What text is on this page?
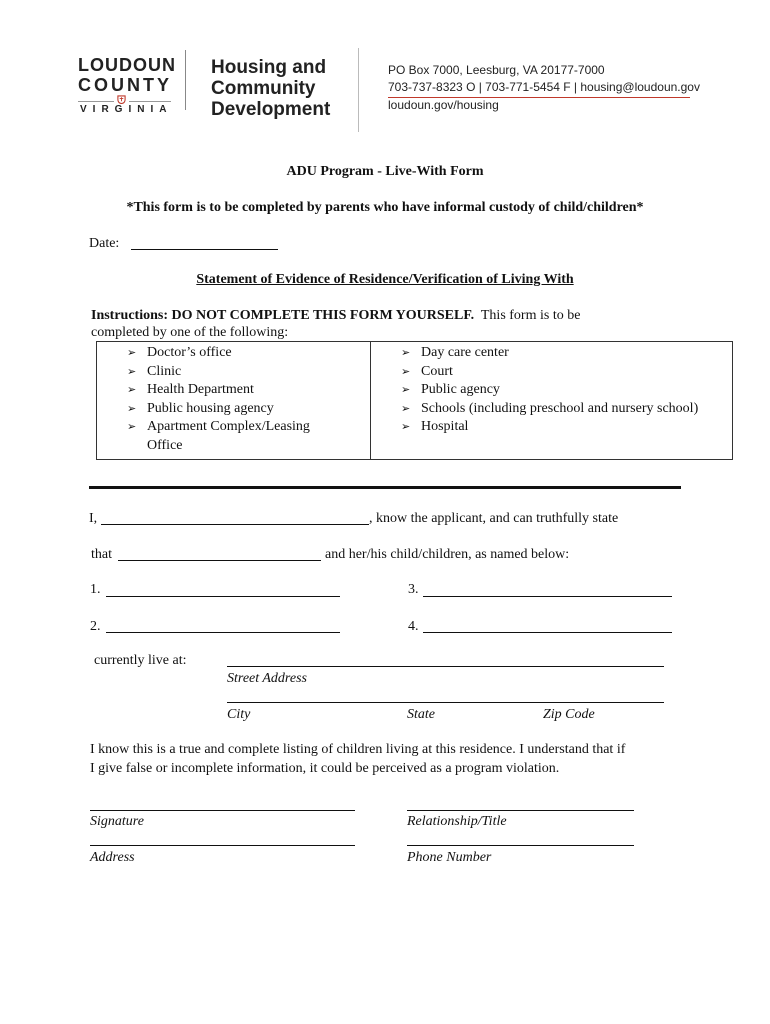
LOUDOUN
COUNTY
VIRGINIA
Housing and
Community
Development
PO Box 7000, Leesburg, VA 20177-7000
703-737-8323 O | 703-771-5454 F | housing@loudoun.gov
loudoun.gov/housing
ADU Program - Live-With Form
*This form is to be completed by parents who have informal custody of child/children*
Date:
Statement of Evidence of Residence/Verification of Living With
Instructions: DO NOT COMPLETE THIS FORM YOURSELF.  This form is to be
completed by one of the following:
➢ Doctor’s office
➢ Clinic
➢ Health Department
➢ Public housing agency
➢ Apartment Complex/Leasing Office

➢ Day care center
➢ Court
➢ Public agency
➢ Schools (including preschool and nursery school)
➢ Hospital
I,	, know the applicant, and can truthfully state
that	and her/his child/children, as named below:
1.	3.
2.	4.
currently live at:
Street Address
City	State	Zip Code
I know this is a true and complete listing of children living at this residence. I understand that if
I give false or incomplete information, it could be perceived as a program violation.
Signature	Relationship/Title
Address	Phone Number
